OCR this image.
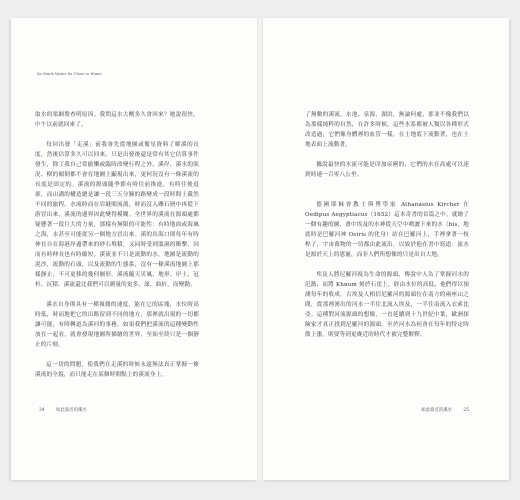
So Much Water So Close to Home

取水的渠網盤查明原因。我問這水大概多久會回來？她說很快，中午以前就回來了。

每回出發「走溪」前我會先從地圖或衛星資料了解溪的長度，然後估算多久可以回來。只是出發後還是常有其它估算事件發生，除了我自己常偷懶或臨時改變行程之外，溪岸、溪水的狀況、樹的傾倒都不會在地圖上顯現出來，更何況沒有一條溪流的長度是固定的。溪流的源頭隨季節有時往前推進，有時往後退卻，而山溝的構造總是讓一段三五分鐘的路變成一段時間上截然不同的旅程。水流時而在岩縫間流淌，時而沒入礫石層中再從下游冒出來，溪流的邊界因此變得模糊。全世界的溪流在源頭處都疑懸著一段巨大的力量，那樣有無限的可能性：有時地面或海風之海，水甚至可能從另一個地方冒出來。溪的出海口則每年有時伸長自在海港岸邊帶來的砂石堆積，又同時受到溫濕的衝擊，因而有時伸長也有時縮短。溪流並不只是流動的水，地圖是流動的泥沙，流動的石頭，以及流動的生態系，沒有一條溪流地圖上那樣靜止，不可更移的幾何圖形。溪流隨天災風、地形、岸土、冠杉、沉積、溪流還比我們可以測量的更多，深、曲折，而變動。

溪水自身則具有一種複雜的速度，能在它的區塊，水位時高時低，時而地把它的出路留到不同的地方，那裡就出現的一切都讓可能，有時轉道為溪河的事務。如果我們把溪流的這種變動性放在一起看，就會發現地圖所描繪的世界，至始至終只是一個靜止的片刻。

這一切的問題，使我們在走溪的時候永遠無法真正掌握一條溪流的全貌，而只能走在某個時間點上的溪流身上。

24	如此靠近的溪水

了無數的溪流、水池、泉源、湖泊，無論何處，那並不像我們以為那樣純粹的自然，在許多時候，這些水系都被人類以各種形式改造過，它們像身體裡的血管一樣，在土地底下流動著，也在土地表面上流動著。

據說最快的水流可能是印加帝國的，它們的水在高處可以達到時速一百零八公里。

德國耶穌會教士與博學家 Athanasius Kircher 在 Oedipus Aegyptiacus（1652）這本奇書的首篇之中，就繪了一個有趣的圖，畫中埃及的水神從天空中噴灑下來的水（bis，地底時是巴羅河神 Osiris 的化身）站在巴羅河上，手裡拿著一枝桿子，宇宙萬物的一切都由此流出，以致於他在書中寫道：流水是源於天上的恩寵，而非人們所想像的只是出自大地。

埃及人將尼羅河視為生命的源頭，傳說中人為了掌握河水的氾濫，而將 Khnum 刻於石崖上，經由水位的高低，他們得以預測每年的收成。古埃及人相信尼羅河的源頭位在南方的兩座山之間，從那裡湧出的河水一半往北流入埃及，一半往南流入衣索比亞。這種對河流源頭的想像，一直延續到十九世紀中葉，歐洲探險家才真正找到尼羅河的源頭。至於河水為何會在每年的特定時節上漲，則要等到更晚近的時代才被完整解釋。

如此靠近的溪水	25
